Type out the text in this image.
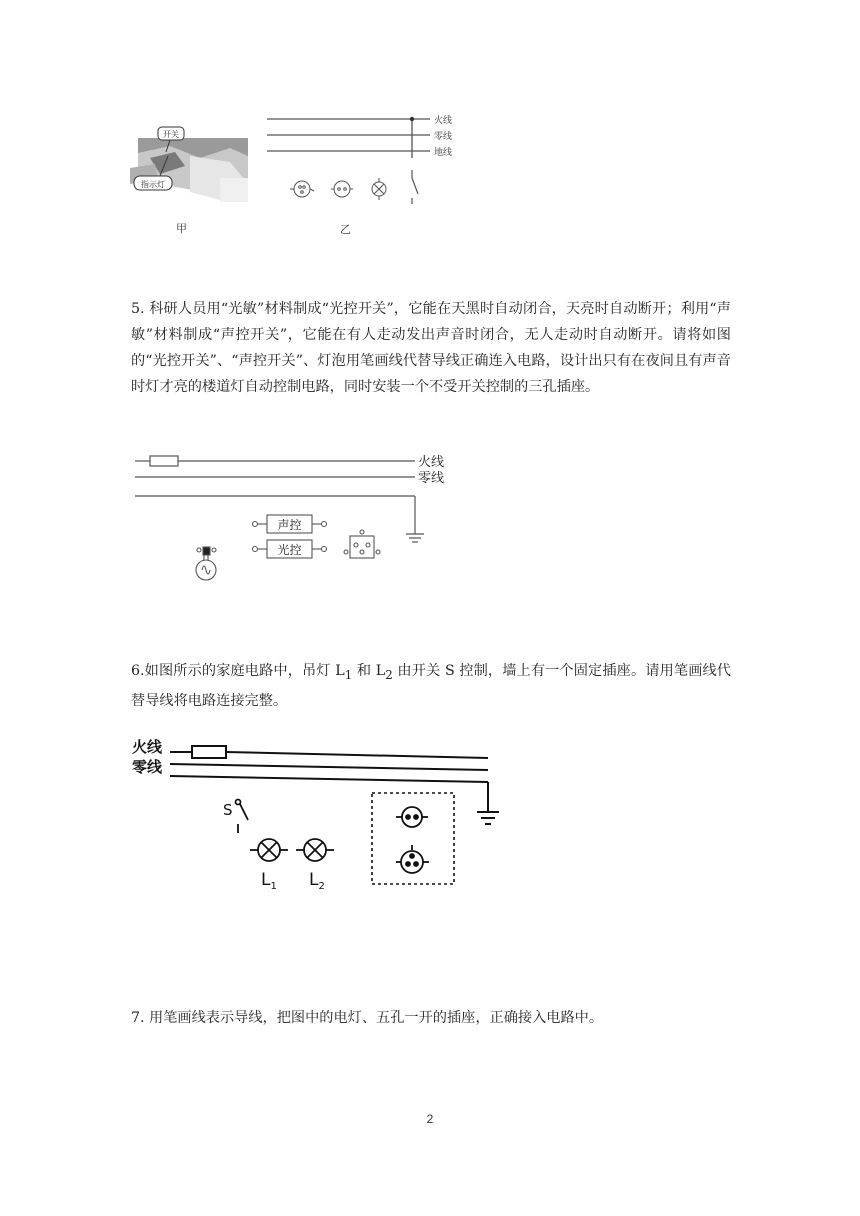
开关
指示灯
火线
零线
地线
甲	乙
5. 科研人员用“光敏”材料制成“光控开关”，它能在天黑时自动闭合，天亮时自动断开；利用“声敏”材料制成“声控开关”，它能在有人走动发出声音时闭合，无人走动时自动断开。请将如图的“光控开关”、“声控开关”、灯泡用笔画线代替导线正确连入电路，设计出只有在夜间且有声音时灯才亮的楼道灯自动控制电路，同时安装一个不受开关控制的三孔插座。
火线
零线
声控
光控
6.如图所示的家庭电路中，吊灯 $L_1$ 和 $L_2$ 由开关 S 控制，墙上有一个固定插座。请用笔画线代替导线将电路连接完整。
火线
零线
S
$L_1$ $L_2$
7. 用笔画线表示导线，把图中的电灯、五孔一开的插座，正确接入电路中。
2
